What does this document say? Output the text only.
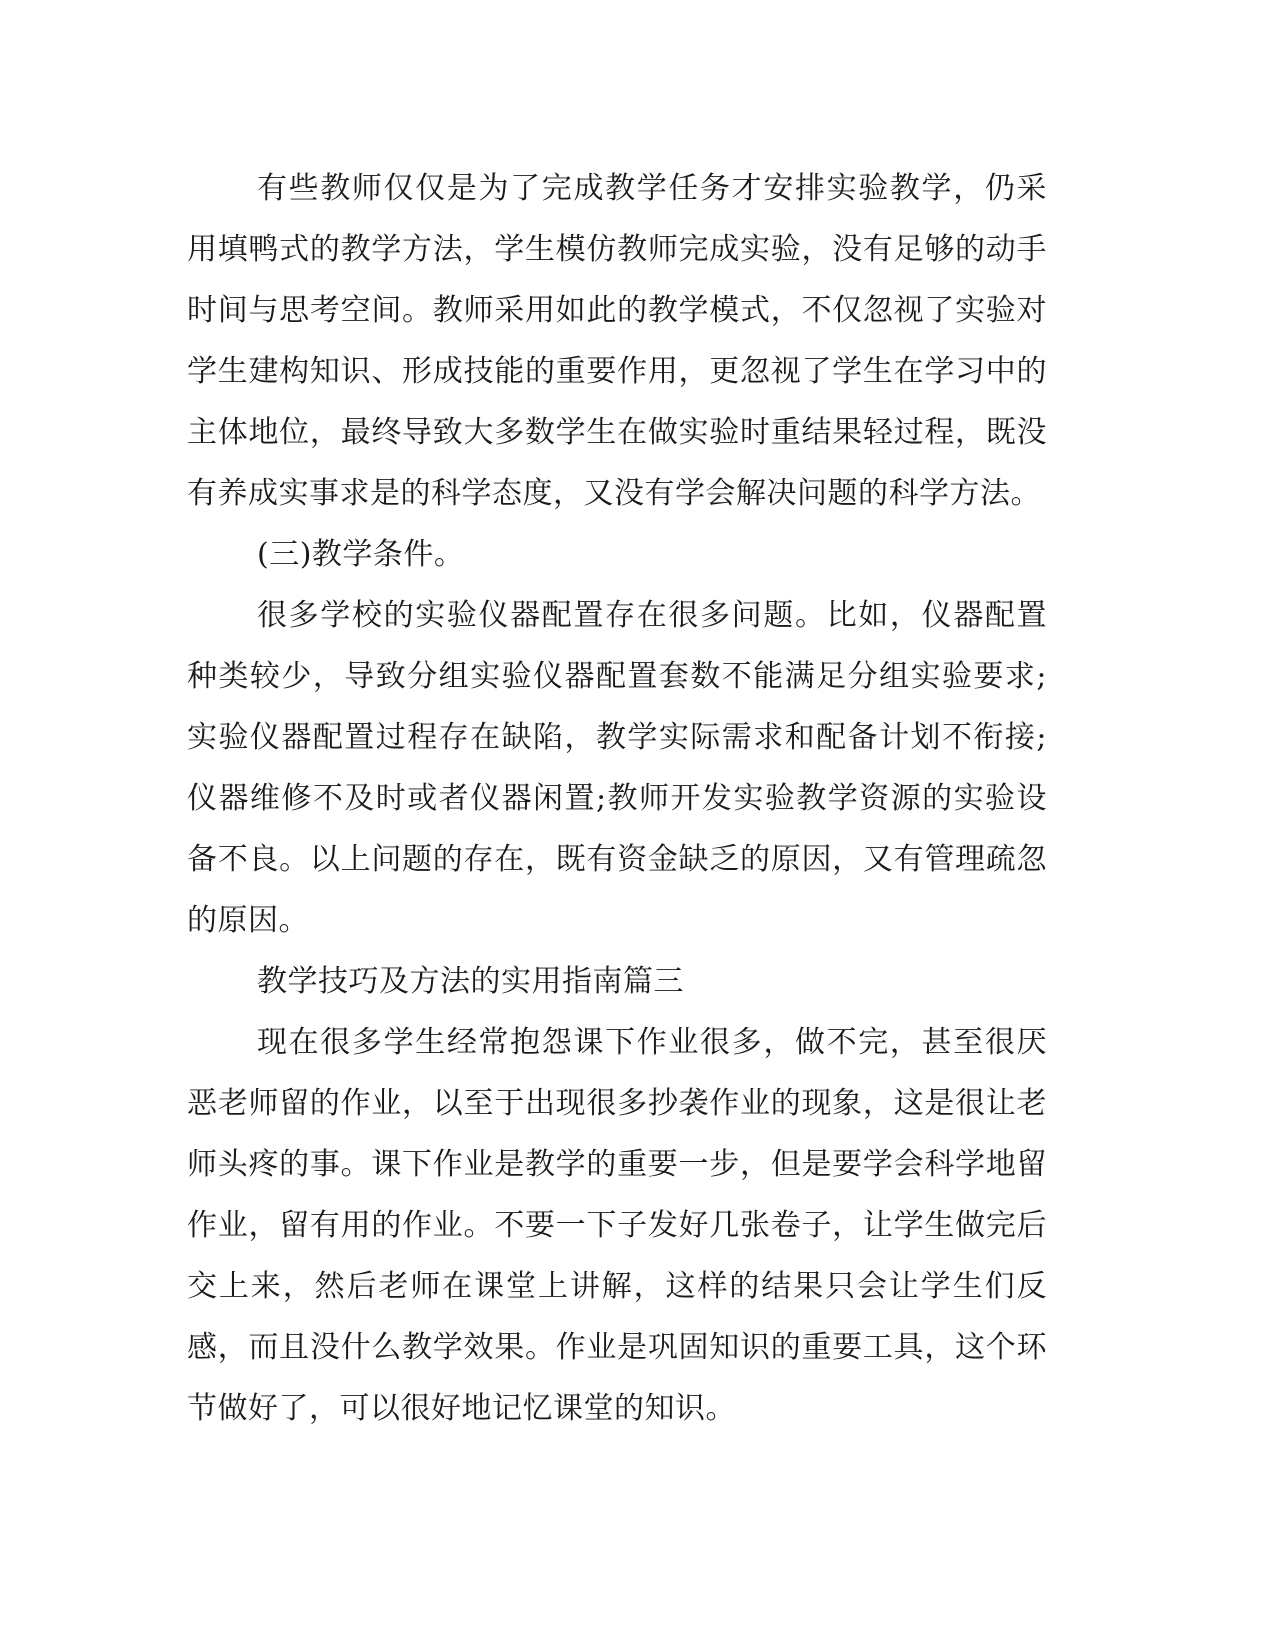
有些教师仅仅是为了完成教学任务才安排实验教学，仍采用填鸭式的教学方法，学生模仿教师完成实验，没有足够的动手时间与思考空间。教师采用如此的教学模式，不仅忽视了实验对学生建构知识、形成技能的重要作用，更忽视了学生在学习中的主体地位，最终导致大多数学生在做实验时重结果轻过程，既没有养成实事求是的科学态度，又没有学会解决问题的科学方法。

(三)教学条件。

很多学校的实验仪器配置存在很多问题。比如，仪器配置种类较少，导致分组实验仪器配置套数不能满足分组实验要求;实验仪器配置过程存在缺陷，教学实际需求和配备计划不衔接;仪器维修不及时或者仪器闲置;教师开发实验教学资源的实验设备不良。以上问题的存在，既有资金缺乏的原因，又有管理疏忽的原因。

教学技巧及方法的实用指南篇三

现在很多学生经常抱怨课下作业很多，做不完，甚至很厌恶老师留的作业，以至于出现很多抄袭作业的现象，这是很让老师头疼的事。课下作业是教学的重要一步，但是要学会科学地留作业，留有用的作业。不要一下子发好几张卷子，让学生做完后交上来，然后老师在课堂上讲解，这样的结果只会让学生们反感，而且没什么教学效果。作业是巩固知识的重要工具，这个环节做好了，可以很好地记忆课堂的知识。
